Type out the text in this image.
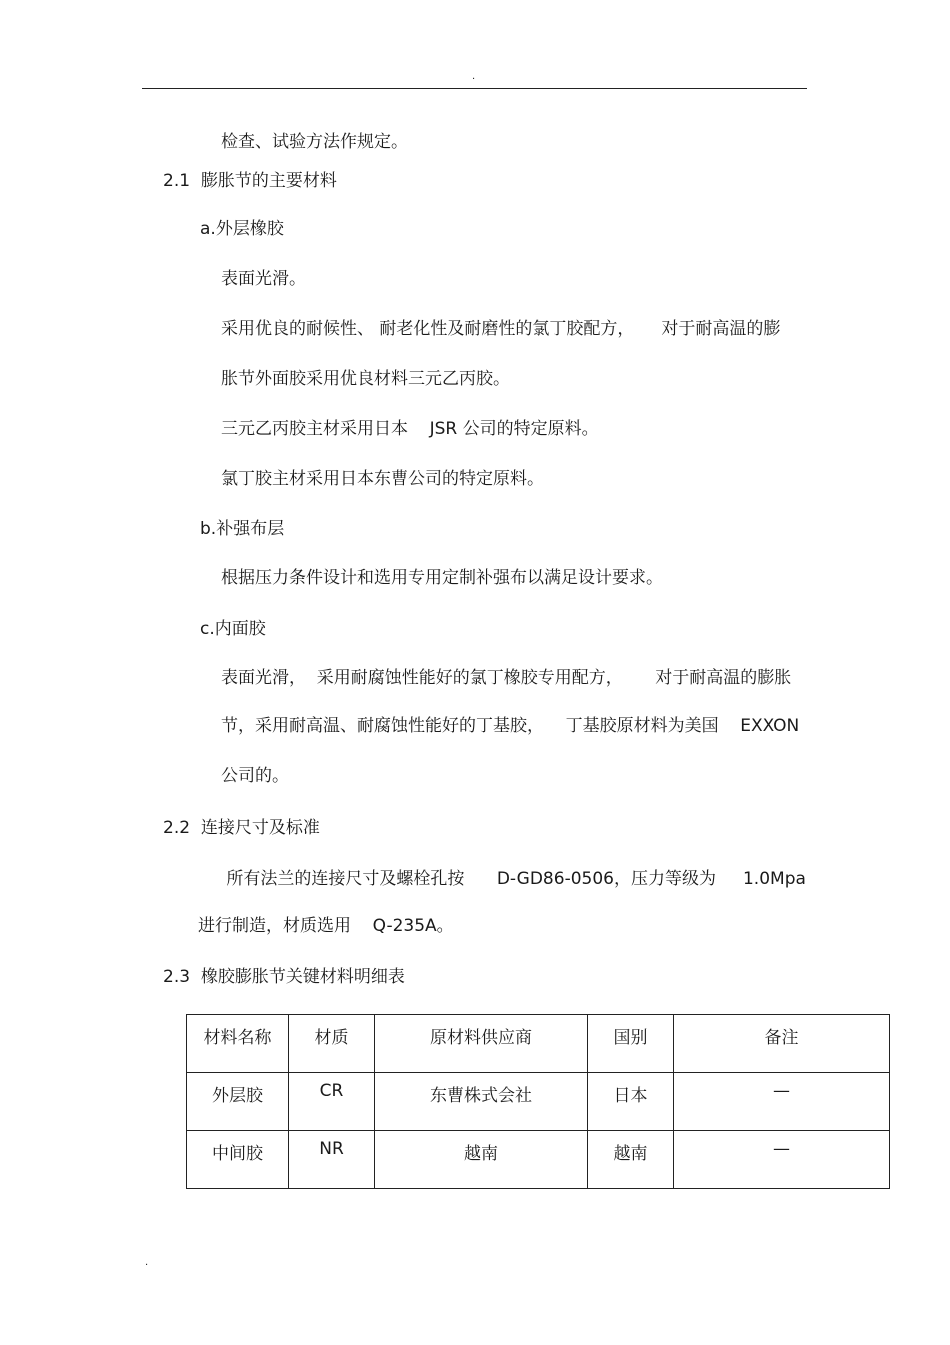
.
检查、试验方法作规定。
2.1  膨胀节的主要材料
a.外层橡胶
表面光滑。
采用优良的耐候性、 耐老化性及耐磨性的氯丁胶配方，     对于耐高温的膨
胀节外面胶采用优良材料三元乙丙胶。
三元乙丙胶主材采用日本    JSR 公司的特定原料。
氯丁胶主材采用日本东曹公司的特定原料。
b.补强布层
根据压力条件设计和选用专用定制补强布以满足设计要求。
c.内面胶
表面光滑，  采用耐腐蚀性能好的氯丁橡胶专用配方，      对于耐高温的膨胀
节，采用耐高温、耐腐蚀性能好的丁基胶，    丁基胶原材料为美国    EXXON
公司的。
2.2  连接尺寸及标准
所有法兰的连接尺寸及螺栓孔按      D-GD86-0506，压力等级为     1.0Mpa
进行制造，材质选用    Q-235A。
2.3  橡胶膨胀节关键材料明细表
材料名称	材质	原材料供应商	国别	备注
外层胶	CR	东曹株式会社	日本	—
中间胶	NR	越南	越南	—
.
